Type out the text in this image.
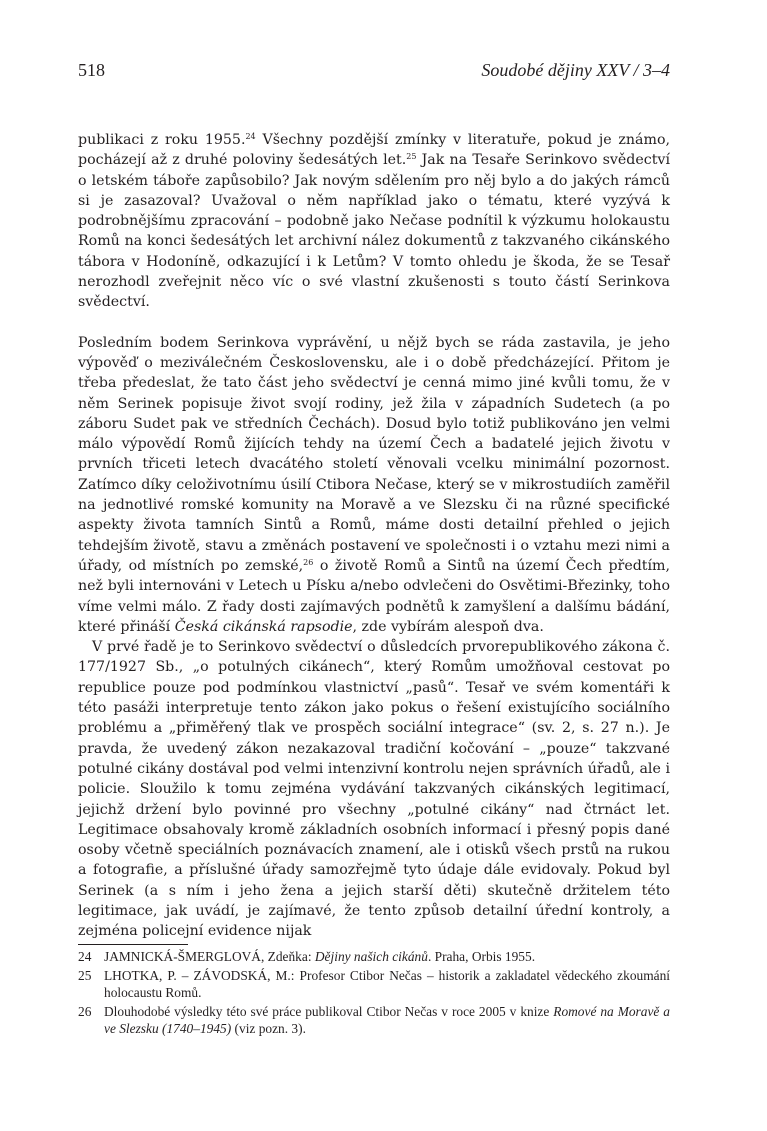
518	Soudobé dějiny XXV / 3–4

publikaci z roku 1955.24 Všechny pozdější zmínky v literatuře, pokud je známo, pocházejí až z druhé poloviny šedesátých let.$^{25}$ Jak na Tesaře Serinkovo svědectví o letském táboře zapůsobilo? Jak novým sdělením pro něj bylo a do jakých rámců si je zasazoval? Uvažoval o něm například jako o tématu, které vyzývá k podrobnějšímu zpracování – podobně jako Nečase podnítil k výzkumu holokaustu Romů na konci šedesátých let archivní nález dokumentů z takzvaného cikánského tábora v Hodoníně, odkazující i k Letům? V tomto ohledu je škoda, že se Tesař nerozhodl zveřejnit něco víc o své vlastní zkušenosti s touto částí Serinkova svědectví.

Posledním bodem Serinkova vyprávění, u nějž bych se ráda zastavila, je jeho výpověď o meziválečném Československu, ale i o době předcházející. Přitom je třeba předeslat, že tato část jeho svědectví je cenná mimo jiné kvůli tomu, že v něm Serinek popisuje život svojí rodiny, jež žila v západních Sudetech (a po záboru Sudet pak ve středních Čechách). Dosud bylo totiž publikováno jen velmi málo výpovědí Romů žijících tehdy na území Čech a badatelé jejich životu v prvních třiceti letech dvacátého století věnovali vcelku minimální pozornost. Zatímco díky celoživotnímu úsilí Ctibora Nečase, který se v mikrostudiích zaměřil na jednotlivé romské komunity na Moravě a ve Slezsku či na různé specifické aspekty života tamních Sintů a Romů, máme dosti detailní přehled o jejich tehdejším životě, stavu a změnách postavení ve společnosti i o vztahu mezi nimi a úřady, od místních po zemské,$^{26}$ o životě Romů a Sintů na území Čech předtím, než byli internováni v Letech u Písku a/nebo odvlečeni do Osvětimi-Březinky, toho víme velmi málo. Z řady dosti zajímavých podnětů k zamyšlení a dalšímu bádání, které přináší Česká cikánská rapsodie, zde vybírám alespoň dva.

V prvé řadě je to Serinkovo svědectví o důsledcích prvorepublikového zákona č. 177/1927 Sb., „o potulných cikánech“, který Romům umožňoval cestovat po republice pouze pod podmínkou vlastnictví „pasů“. Tesař ve svém komentáři k této pasáži interpretuje tento zákon jako pokus o řešení existujícího sociálního problému a „přiměřený tlak ve prospěch sociální integrace“ (sv. 2, s. 27 n.). Je pravda, že uvedený zákon nezakazoval tradiční kočování – „pouze“ takzvané potulné cikány dostával pod velmi intenzivní kontrolu nejen správních úřadů, ale i policie. Sloužilo k tomu zejména vydávání takzvaných cikánských legitimací, jejichž držení bylo povinné pro všechny „potulné cikány“ nad čtrnáct let. Legitimace obsahovaly kromě základních osobních informací i přesný popis dané osoby včetně speciálních poznávacích znamení, ale i otisků všech prstů na rukou a fotografie, a příslušné úřady samozřejmě tyto údaje dále evidovaly. Pokud byl Serinek (a s ním i jeho žena a jejich starší děti) skutečně držitelem této legitimace, jak uvádí, je zajímavé, že tento způsob detailní úřední kontroly, a zejména policejní evidence nijak

24 JAMNICKÁ-ŠMERGLOVÁ, Zdeňka: Dějiny našich cikánů. Praha, Orbis 1955.
25 LHOTKA, P. – ZÁVODSKÁ, M.: Profesor Ctibor Nečas – historik a zakladatel vědeckého zkoumání holocaustu Romů.
26 Dlouhodobé výsledky této své práce publikoval Ctibor Nečas v roce 2005 v knize Romové na Moravě a ve Slezsku (1740–1945) (viz pozn. 3).
